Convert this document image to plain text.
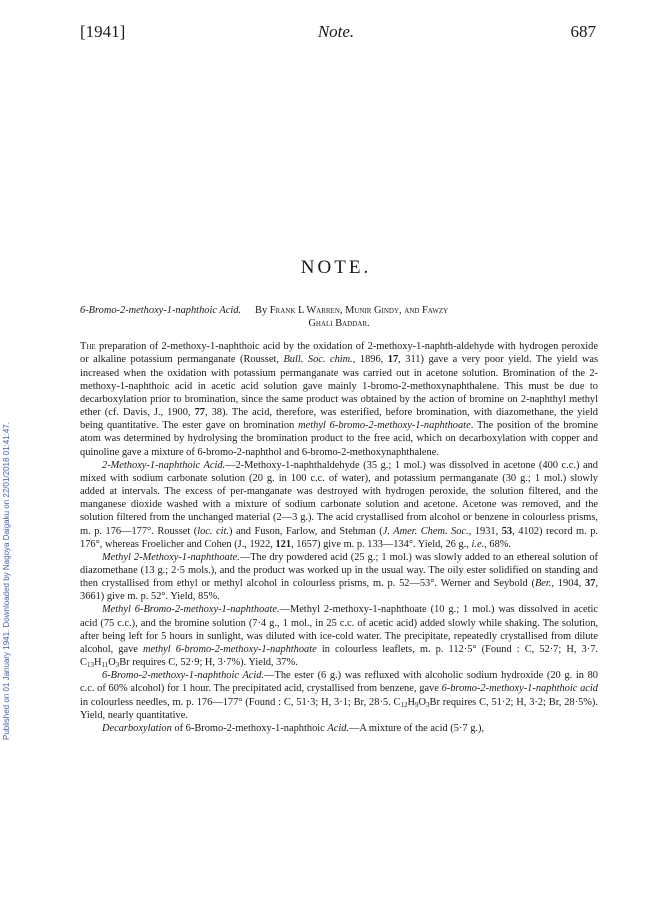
[1941]	Note.	687
Published on 01 January 1941. Downloaded by Nagoya Daigaku on 22/01/2018 01:41:47.
NOTE.
6-Bromo-2-methoxy-1-naphthoic Acid. By Frank L Warren, Munir Gindy, and Fawzy
Ghali Baddar.

The preparation of 2-methoxy-1-naphthoic acid by the oxidation of 2-methoxy-1-naphth-aldehyde with hydrogen peroxide or alkaline potassium permanganate (Rousset, Bull. Soc. chim., 1896, 17, 311) gave a very poor yield. The yield was increased when the oxidation with potassium permanganate was carried out in acetone solution. Bromination of the 2-methoxy-1-naphthoic acid in acetic acid solution gave mainly 1-bromo-2-methoxynaphthalene. This must be due to decarboxylation prior to bromination, since the same product was obtained by the action of bromine on 2-naphthyl methyl ether (cf. Davis, J., 1900, 77, 38). The acid, therefore, was esterified, before bromination, with diazomethane, the yield being quantitative. The ester gave on bromination methyl 6-bromo-2-methoxy-1-naphthoate. The position of the bromine atom was determined by hydrolysing the bromination product to the free acid, which on decarboxylation with copper and quinoline gave a mixture of 6-bromo-2-naphthol and 6-bromo-2-methoxynaphthalene.

2-Methoxy-1-naphthoic Acid.—2-Methoxy-1-naphthaldehyde (35 g.; 1 mol.) was dissolved in acetone (400 c.c.) and mixed with sodium carbonate solution (20 g. in 100 c.c. of water), and potassium permanganate (30 g.; 1 mol.) slowly added at intervals. The excess of per-manganate was destroyed with hydrogen peroxide, the solution filtered, and the manganese dioxide washed with a mixture of sodium carbonate solution and acetone. Acetone was removed, and the solution filtered from the unchanged material (2—3 g.). The acid crystallised from alcohol or benzene in colourless prisms, m. p. 176—177°. Rousset (loc. cit.) and Fuson, Farlow, and Stehman (J. Amer. Chem. Soc., 1931, 53, 4102) record m. p. 176°, whereas Froelicher and Cohen (J., 1922, 121, 1657) give m. p. 133—134°. Yield, 26 g., i.e., 68%.

Methyl 2-Methoxy-1-naphthoate.—The dry powdered acid (25 g.; 1 mol.) was slowly added to an ethereal solution of diazomethane (13 g.; 2·5 mols.), and the product was worked up in the usual way. The oily ester solidified on standing and then crystallised from ethyl or methyl alcohol in colourless prisms, m. p. 52—53°. Werner and Seybold (Ber., 1904, 37, 3661) give m. p. 52°. Yield, 85%.

Methyl 6-Bromo-2-methoxy-1-naphthoate.—Methyl 2-methoxy-1-naphthoate (10 g.; 1 mol.) was dissolved in acetic acid (75 c.c.), and the bromine solution (7·4 g., 1 mol., in 25 c.c. of acetic acid) added slowly while shaking. The solution, after being left for 5 hours in sunlight, was diluted with ice-cold water. The precipitate, repeatedly crystallised from dilute alcohol, gave methyl 6-bromo-2-methoxy-1-naphthoate in colourless leaflets, m. p. 112·5° (Found : C, 52·7; H, 3·7. $C_{13}H_{11}O_3Br$ requires C, 52·9; H, 3·7%). Yield, 37%.

6-Bromo-2-methoxy-1-naphthoic Acid.—The ester (6 g.) was refluxed with alcoholic sodium hydroxide (20 g. in 80 c.c. of 60% alcohol) for 1 hour. The precipitated acid, crystallised from benzene, gave 6-bromo-2-methoxy-1-naphthoic acid in colourless needles, m. p. 176—177° (Found : C, 51·3; H, 3·1; Br, 28·5. $C_{12}H_9O_3Br$ requires C, 51·2; H, 3·2; Br, 28·5%). Yield, nearly quantitative.

Decarboxylation of 6-Bromo-2-methoxy-1-naphthoic Acid.—A mixture of the acid (5·7 g.),
